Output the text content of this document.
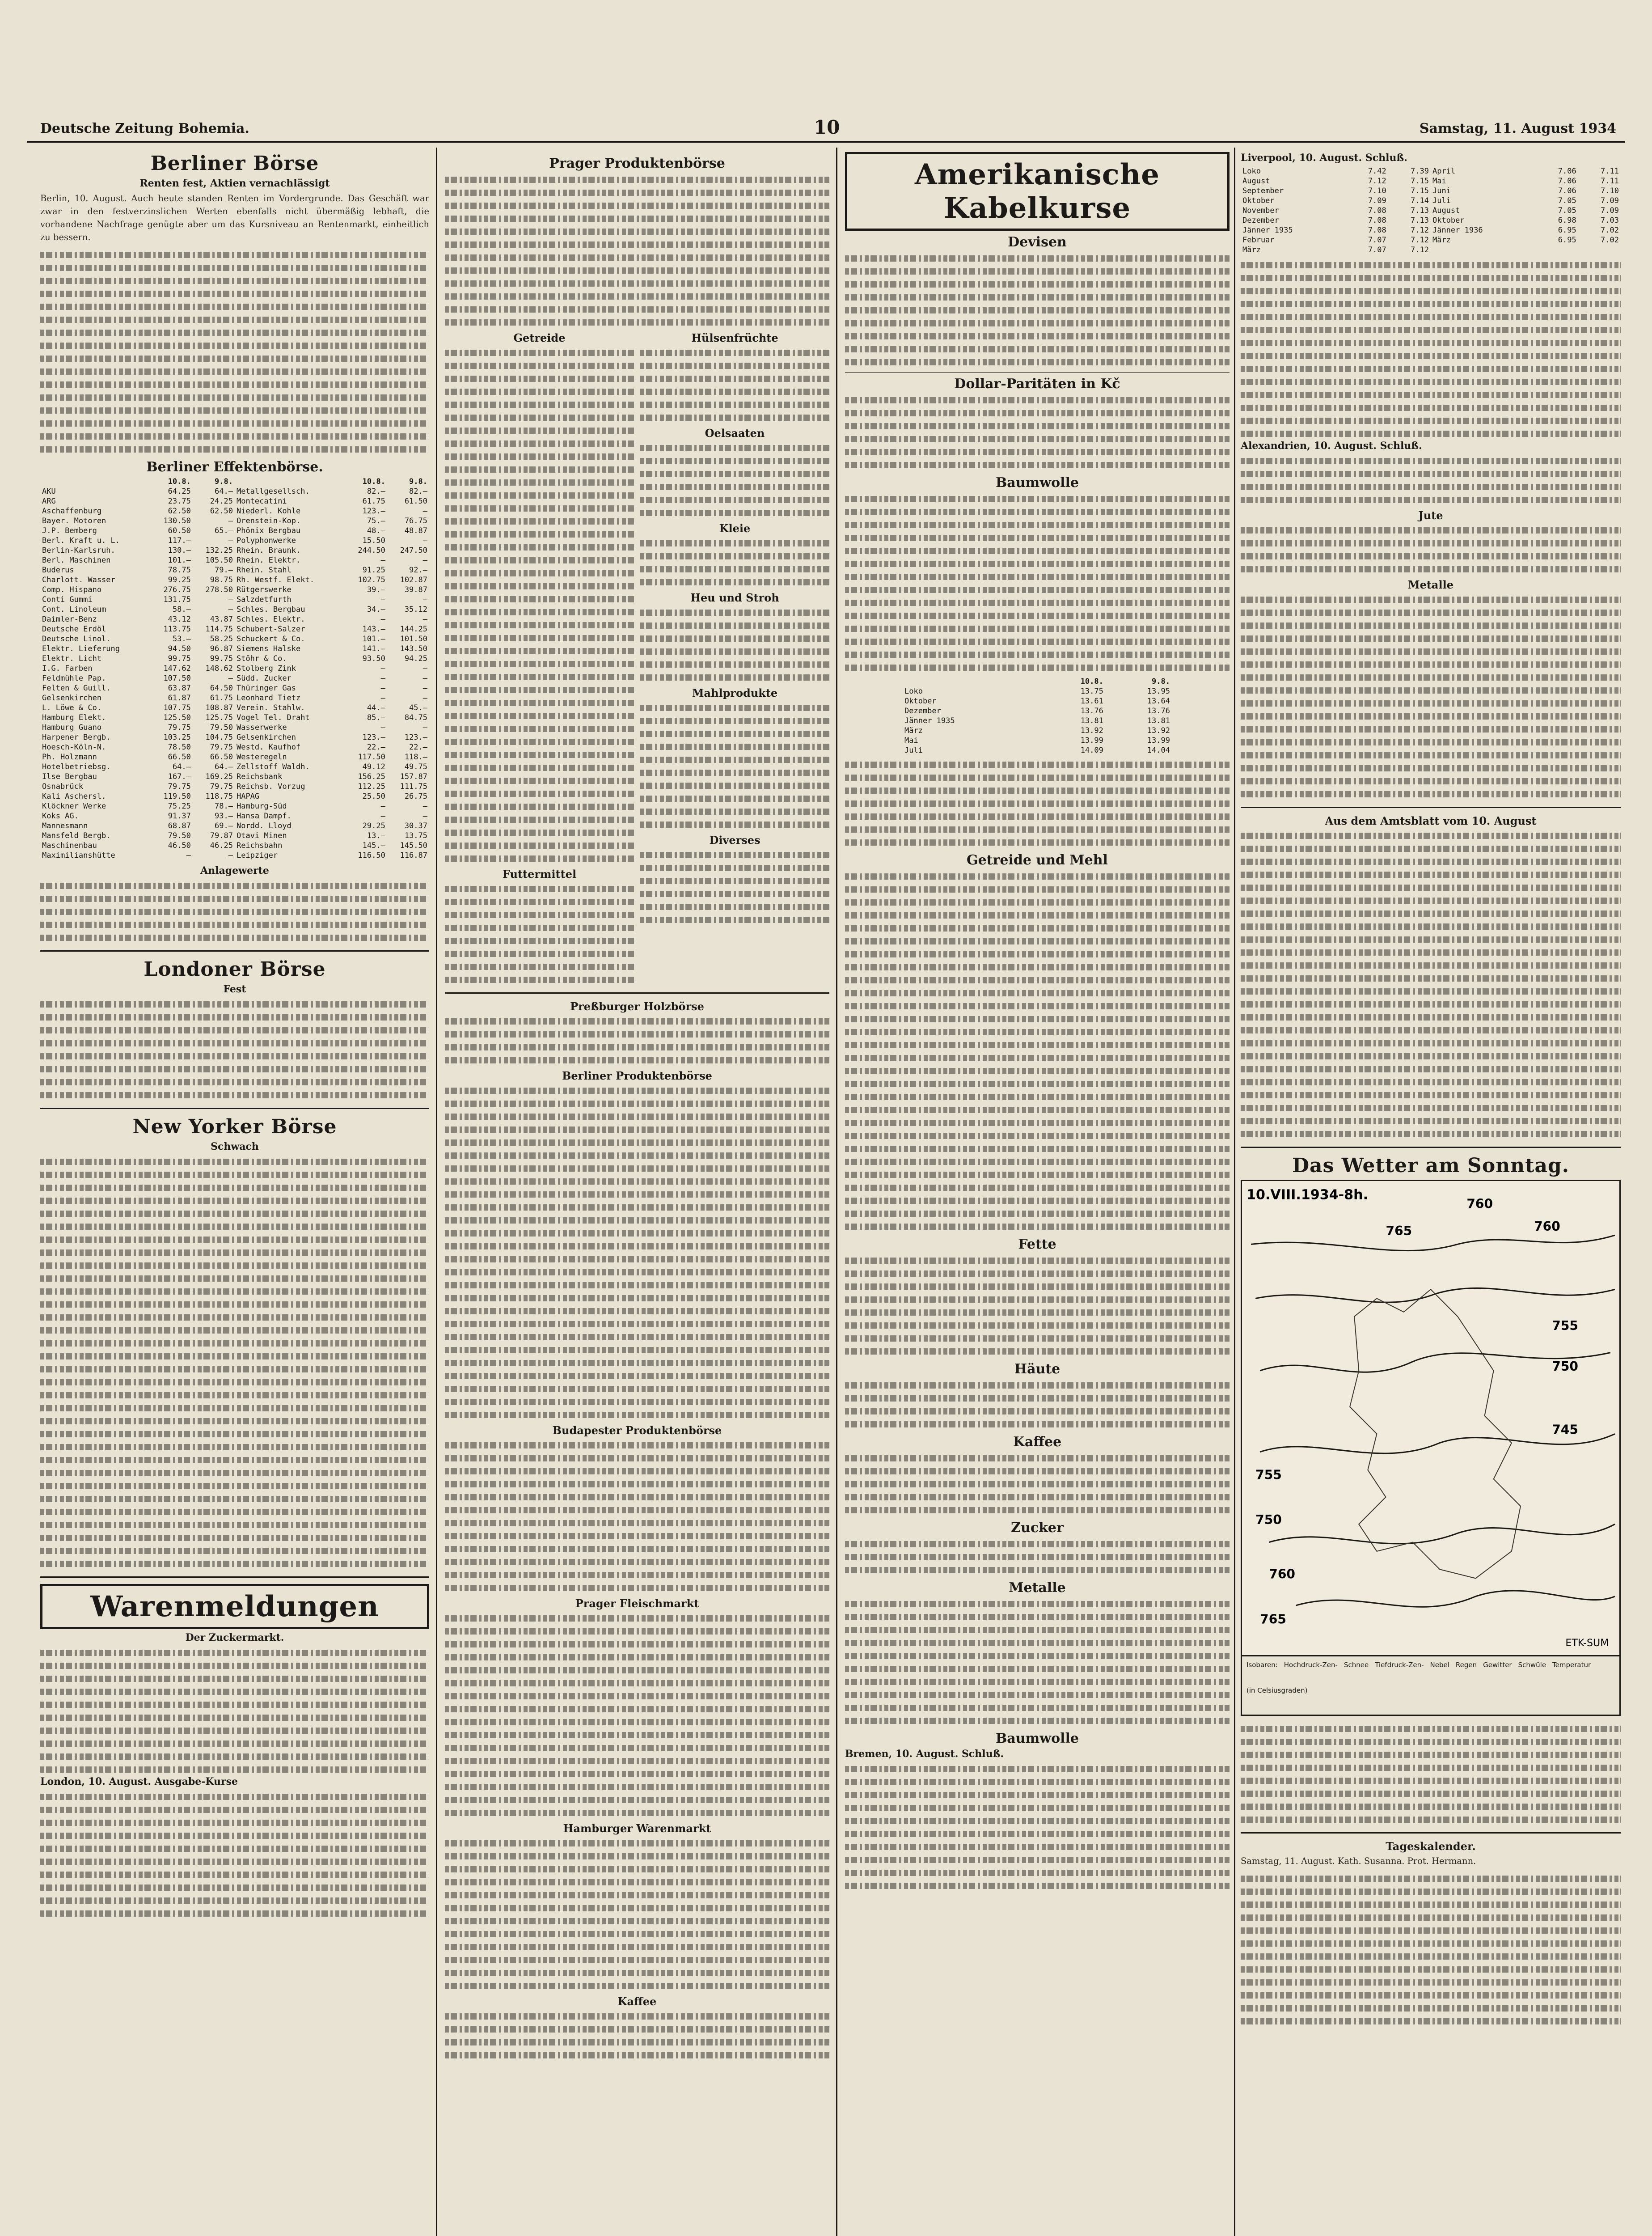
Deutsche Zeitung Bohemia.	10	Samstag, 11. August 1934
Berliner Börse
Renten fest, Aktien vernachlässigt

Berlin, 10. August. Auch heute standen Renten im Vordergrunde. Das Geschäft war zwar in den festverzinslichen Werten ebenfalls nicht übermäßig lebhaft, die vorhandene Nachfrage genügte aber um das Kursniveau an Rentenmarkt, einheitlich zu bessern.

Berliner Effektenbörse.
	10.8.	9.8.		10.8.	9.8.
AKU	64.25	64.—	Metallgesellsch.	82.—	82.—
ARG	23.75	24.25	Montecatini	61.75	61.50
Aschaffenburg	62.50	62.50	Niederl. Kohle	123.—	—
Bayer. Motoren	130.50	—	Orenstein-Kop.	75.—	76.75
J.P. Bemberg	60.50	65.—	Phönix Bergbau	48.—	48.87
Berl. Kraft u. L.	117.—	—	Polyphonwerke	15.50	—
Berlin-Karlsruh.	130.—	132.25	Rhein. Braunk.	244.50	247.50
Berl. Maschinen	101.—	105.50	Rhein. Elektr.	—	—
Buderus	78.75	79.—	Rhein. Stahl	91.25	92.—
Charlott. Wasser	99.25	98.75	Rh. Westf. Elekt.	102.75	102.87
Comp. Hispano	276.75	278.50	Rütgerswerke	39.—	39.87
Conti Gummi	131.75	—	Salzdetfurth	—	—
Cont. Linoleum	58.—	—	Schles. Bergbau	34.—	35.12
Daimler-Benz	43.12	43.87	Schles. Elektr.	—	—
Deutsche Erdöl	113.75	114.75	Schubert-Salzer	143.—	144.25
Deutsche Linol.	53.—	58.25	Schuckert & Co.	101.—	101.50
Elektr. Lieferung	94.50	96.87	Siemens Halske	141.—	143.50
Elektr. Licht	99.75	99.75	Stöhr & Co.	93.50	94.25
I.G. Farben	147.62	148.62	Stolberg Zink	—	—
Feldmühle Pap.	107.50	—	Südd. Zucker	—	—
Felten & Guill.	63.87	64.50	Thüringer Gas	—	—
Gelsenkirchen	61.87	61.75	Leonhard Tietz	—	—
L. Löwe & Co.	107.75	108.87	Verein. Stahlw.	44.—	45.—
Hamburg Elekt.	125.50	125.75	Vogel Tel. Draht	85.—	84.75
Hamburg Guano	79.75	79.50	Wasserwerke	—	—
Harpener Bergb.	103.25	104.75	Gelsenkirchen	123.—	123.—
Hoesch-Köln-N.	78.50	79.75	Westd. Kaufhof	22.—	22.—
Ph. Holzmann	66.50	66.50	Westeregeln	117.50	118.—
Hotelbetriebsg.	64.—	64.—	Zellstoff Waldh.	49.12	49.75
Ilse Bergbau	167.—	169.25	Reichsbank	156.25	157.87
Osnabrück	79.75	79.75	Reichsb. Vorzug	112.25	111.75
Kali Aschersl.	119.50	118.75	HAPAG	25.50	26.75
Klöckner Werke	75.25	78.—	Hamburg-Süd	—	—
Koks AG.	91.37	93.—	Hansa Dampf.	—	—
Mannesmann	68.87	69.—	Nordd. Lloyd	29.25	30.37
Mansfeld Bergb.	79.50	79.87	Otavi Minen	13.—	13.75
Maschinenbau	46.50	46.25	Reichsbahn	145.—	145.50
Maximilianshütte	—	—	Leipziger	116.50	116.87
Anlagewerte
Londoner Börse
Fest
New Yorker Börse
Schwach
Warenmeldungen
Der Zuckermarkt.
London, 10. August. Ausgabe-Kurse
Prager Produktenbörse
Getreide
Futtermittel
Hülsenfrüchte
Oelsaaten
Kleie
Heu und Stroh
Mahlprodukte
Diverses
Preßburger Holzbörse
Berliner Produktenbörse
Budapester Produktenbörse
Prager Fleischmarkt
Hamburger Warenmarkt
Kaffee
Amerikanische Kabelkurse
Devisen
Dollar-Paritäten in Kč
Baumwolle
	10.8.	9.8.
Loko	13.75	13.95
Oktober	13.61	13.64
Dezember	13.76	13.76
Jänner 1935	13.81	13.81
März	13.92	13.92
Mai	13.99	13.99
Juli	14.09	14.04
Getreide und Mehl
Fette
Häute
Kaffee
Zucker
Metalle
Baumwolle
Bremen, 10. August. Schluß.
Liverpool, 10. August. Schluß.
Loko	7.42	7.39	April	7.06	7.11
August	7.12	7.15	Mai	7.06	7.11
September	7.10	7.15	Juni	7.06	7.10
Oktober	7.09	7.14	Juli	7.05	7.09
November	7.08	7.13	August	7.05	7.09
Dezember	7.08	7.13	Oktober	6.98	7.03
Jänner 1935	7.08	7.12	Jänner 1936	6.95	7.02
Februar	7.07	7.12	März	6.95	7.02
März	7.07	7.12			
Alexandrien, 10. August. Schluß.
Jute
Metalle
Aus dem Amtsblatt vom 10. August
Das Wetter am Sonntag.
10.VIII.1934-8h.
760
765	760
755
750
745
755
750
760
765
ETK-SUM
Isobaren: Hochdruck-Zen- Schnee Tiefdruck-Zen- Nebel Regen Gewitter Schwüle Temperatur
(in Celsiusgraden)
Tageskalender.

Samstag, 11. August. Kath. Susanna. Prot. Hermann.
